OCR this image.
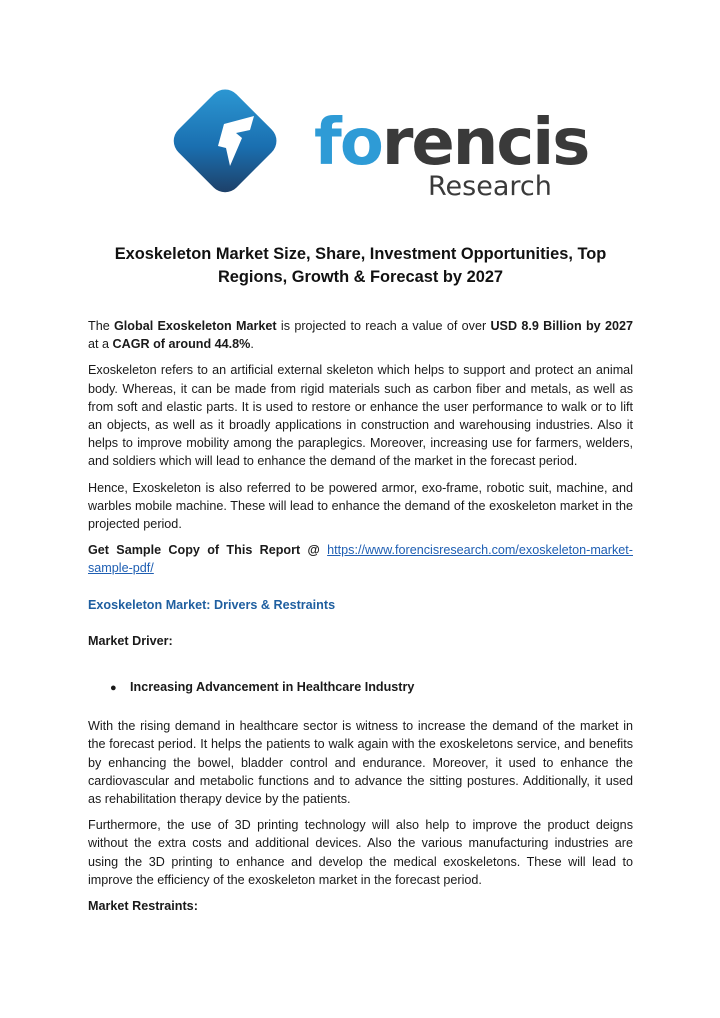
forencis
Research
Exoskeleton Market Size, Share, Investment Opportunities, Top
Regions, Growth & Forecast by 2027

The Global Exoskeleton Market is projected to reach a value of over USD 8.9 Billion by 2027 at a CAGR of around 44.8%.

Exoskeleton refers to an artificial external skeleton which helps to support and protect an animal body. Whereas, it can be made from rigid materials such as carbon fiber and metals, as well as from soft and elastic parts. It is used to restore or enhance the user performance to walk or to lift an objects, as well as it broadly applications in construction and warehousing industries. Also it helps to improve mobility among the paraplegics. Moreover, increasing use for farmers, welders, and soldiers which will lead to enhance the demand of the market in the forecast period.

Hence, Exoskeleton is also referred to be powered armor, exo-frame, robotic suit, machine, and warbles mobile machine. These will lead to enhance the demand of the exoskeleton market in the projected period.

Get Sample Copy of This Report @ https://www.forencisresearch.com/exoskeleton-market-sample-pdf/

Exoskeleton Market: Drivers & Restraints

Market Driver:

●	Increasing Advancement in Healthcare Industry

With the rising demand in healthcare sector is witness to increase the demand of the market in the forecast period. It helps the patients to walk again with the exoskeletons service, and benefits by enhancing the bowel, bladder control and endurance. Moreover, it used to enhance the cardiovascular and metabolic functions and to advance the sitting postures. Additionally, it used as rehabilitation therapy device by the patients.

Furthermore, the use of 3D printing technology will also help to improve the product deigns without the extra costs and additional devices. Also the various manufacturing industries are using the 3D printing to enhance and develop the medical exoskeletons. These will lead to improve the efficiency of the exoskeleton market in the forecast period.

Market Restraints:
